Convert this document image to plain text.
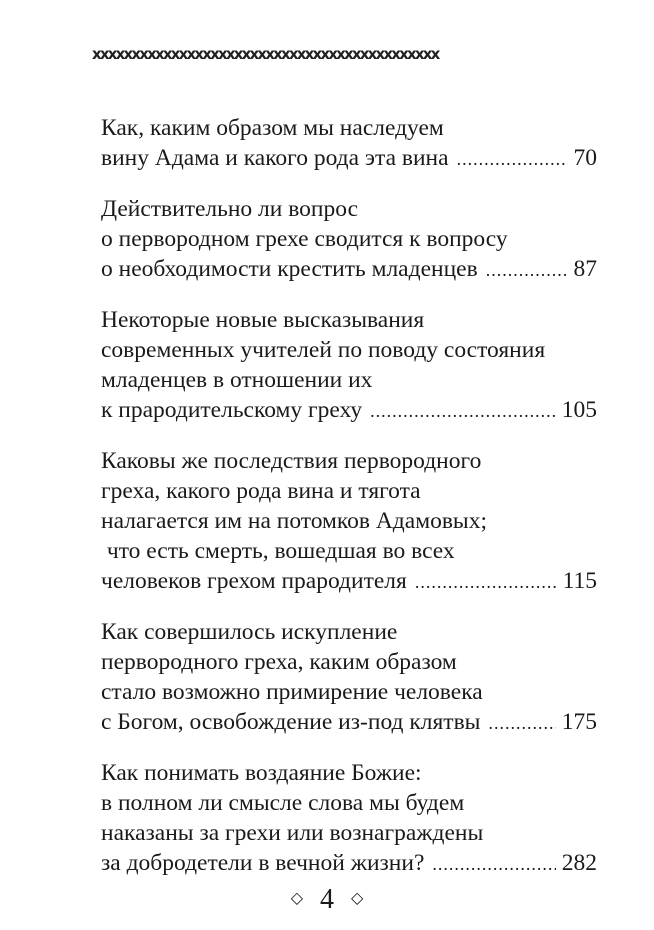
xxxxxxxxxxxxxxxxxxxxxxxxxxxxxxxxxxxxxxxxxxxx
Как, каким образом мы наследуем
вину Адама и какого рода эта вина .....	70
Действительно ли вопрос
о первородном грехе сводится к вопросу
о необходимости крестить младенцев .....	87
Некоторые новые высказывания
современных учителей по поводу состояния
младенцев в отношении их
к прародительскому греху .....	105
Каковы же последствия первородного
греха, какого рода вина и тягота
налагается им на потомков Адамовых;
что есть смерть, вошедшая во всех
человеков грехом прародителя .....	115
Как совершилось искупление
первородного греха, каким образом
стало возможно примирение человека
с Богом, освобождение из-под клятвы .....	175
Как понимать воздаяние Божие:
в полном ли смысле слова мы будем
наказаны за грехи или вознаграждены
за добродетели в вечной жизни? .....	282
◇ 4 ◇
